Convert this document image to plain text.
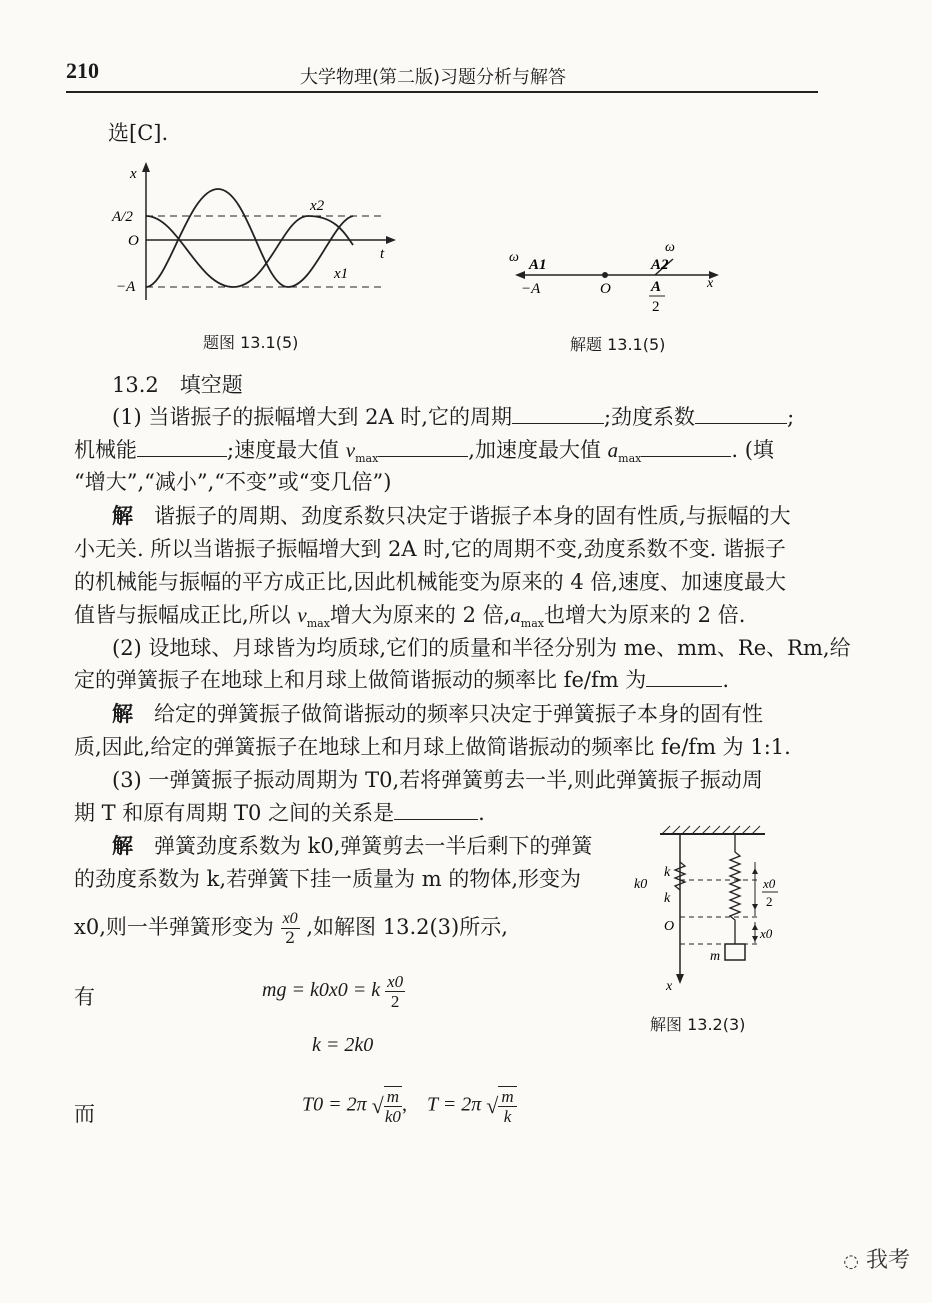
210	大学物理(第二版)习题分析与解答
选[C].
x
t
A/2
O
−A
x2
x1
题图 13.1(5)
ω A1
−A	O
ω
A2
A
2
x
解题 13.1(5)
13.2　填空题
(1) 当谐振子的振幅增大到 2A 时,它的周期	;劲度系数	;
机械能	;速度最大值 $v_{max}$	,加速度最大值 $a_{max}$	. (填
“增大”,“减小”,“不变”或“变几倍”)
解　 谐振子的周期、劲度系数只决定于谐振子本身的固有性质,与振幅的大
小无关. 所以当谐振子振幅增大到 2A 时,它的周期不变,劲度系数不变. 谐振子
的机械能与振幅的平方成正比,因此机械能变为原来的 4 倍,速度、加速度最大
值皆与振幅成正比,所以 $v_{max}$增大为原来的 2 倍$,a_{max}$也增大为原来的 2 倍.
(2) 设地球、月球皆为均质球,它们的质量和半径分别为 me、mm、Re、Rm,给
定的弹簧振子在地球上和月球上做简谐振动的频率比 fe/fm 为	.
解　 给定的弹簧振子做简谐振动的频率只决定于弹簧振子本身的固有性
质,因此,给定的弹簧振子在地球上和月球上做简谐振动的频率比 fe/fm 为 1:1.
(3) 一弹簧振子振动周期为 T0,若将弹簧剪去一半,则此弹簧振子振动周
期 T 和原有周期 T0 之间的关系是	.
解　 弹簧劲度系数为 k0,弹簧剪去一半后剩下的弹簧
的劲度系数为 k,若弹簧下挂一质量为 m 的物体,形变为
x0,则一半弹簧形变为 $\frac{x0}{2}$ ,如解图 13.2(3)所示,
k0
k
k
O
m
x
x0
2
x0
解图 13.2(3)
有	mg = k0x0 = k $\frac{x0}{2}$
k = 2k0
而	T0 = 2π √ $\frac{m}{k0}$ ,    T = 2π √ $\frac{m}{k}$
◌ 我考
